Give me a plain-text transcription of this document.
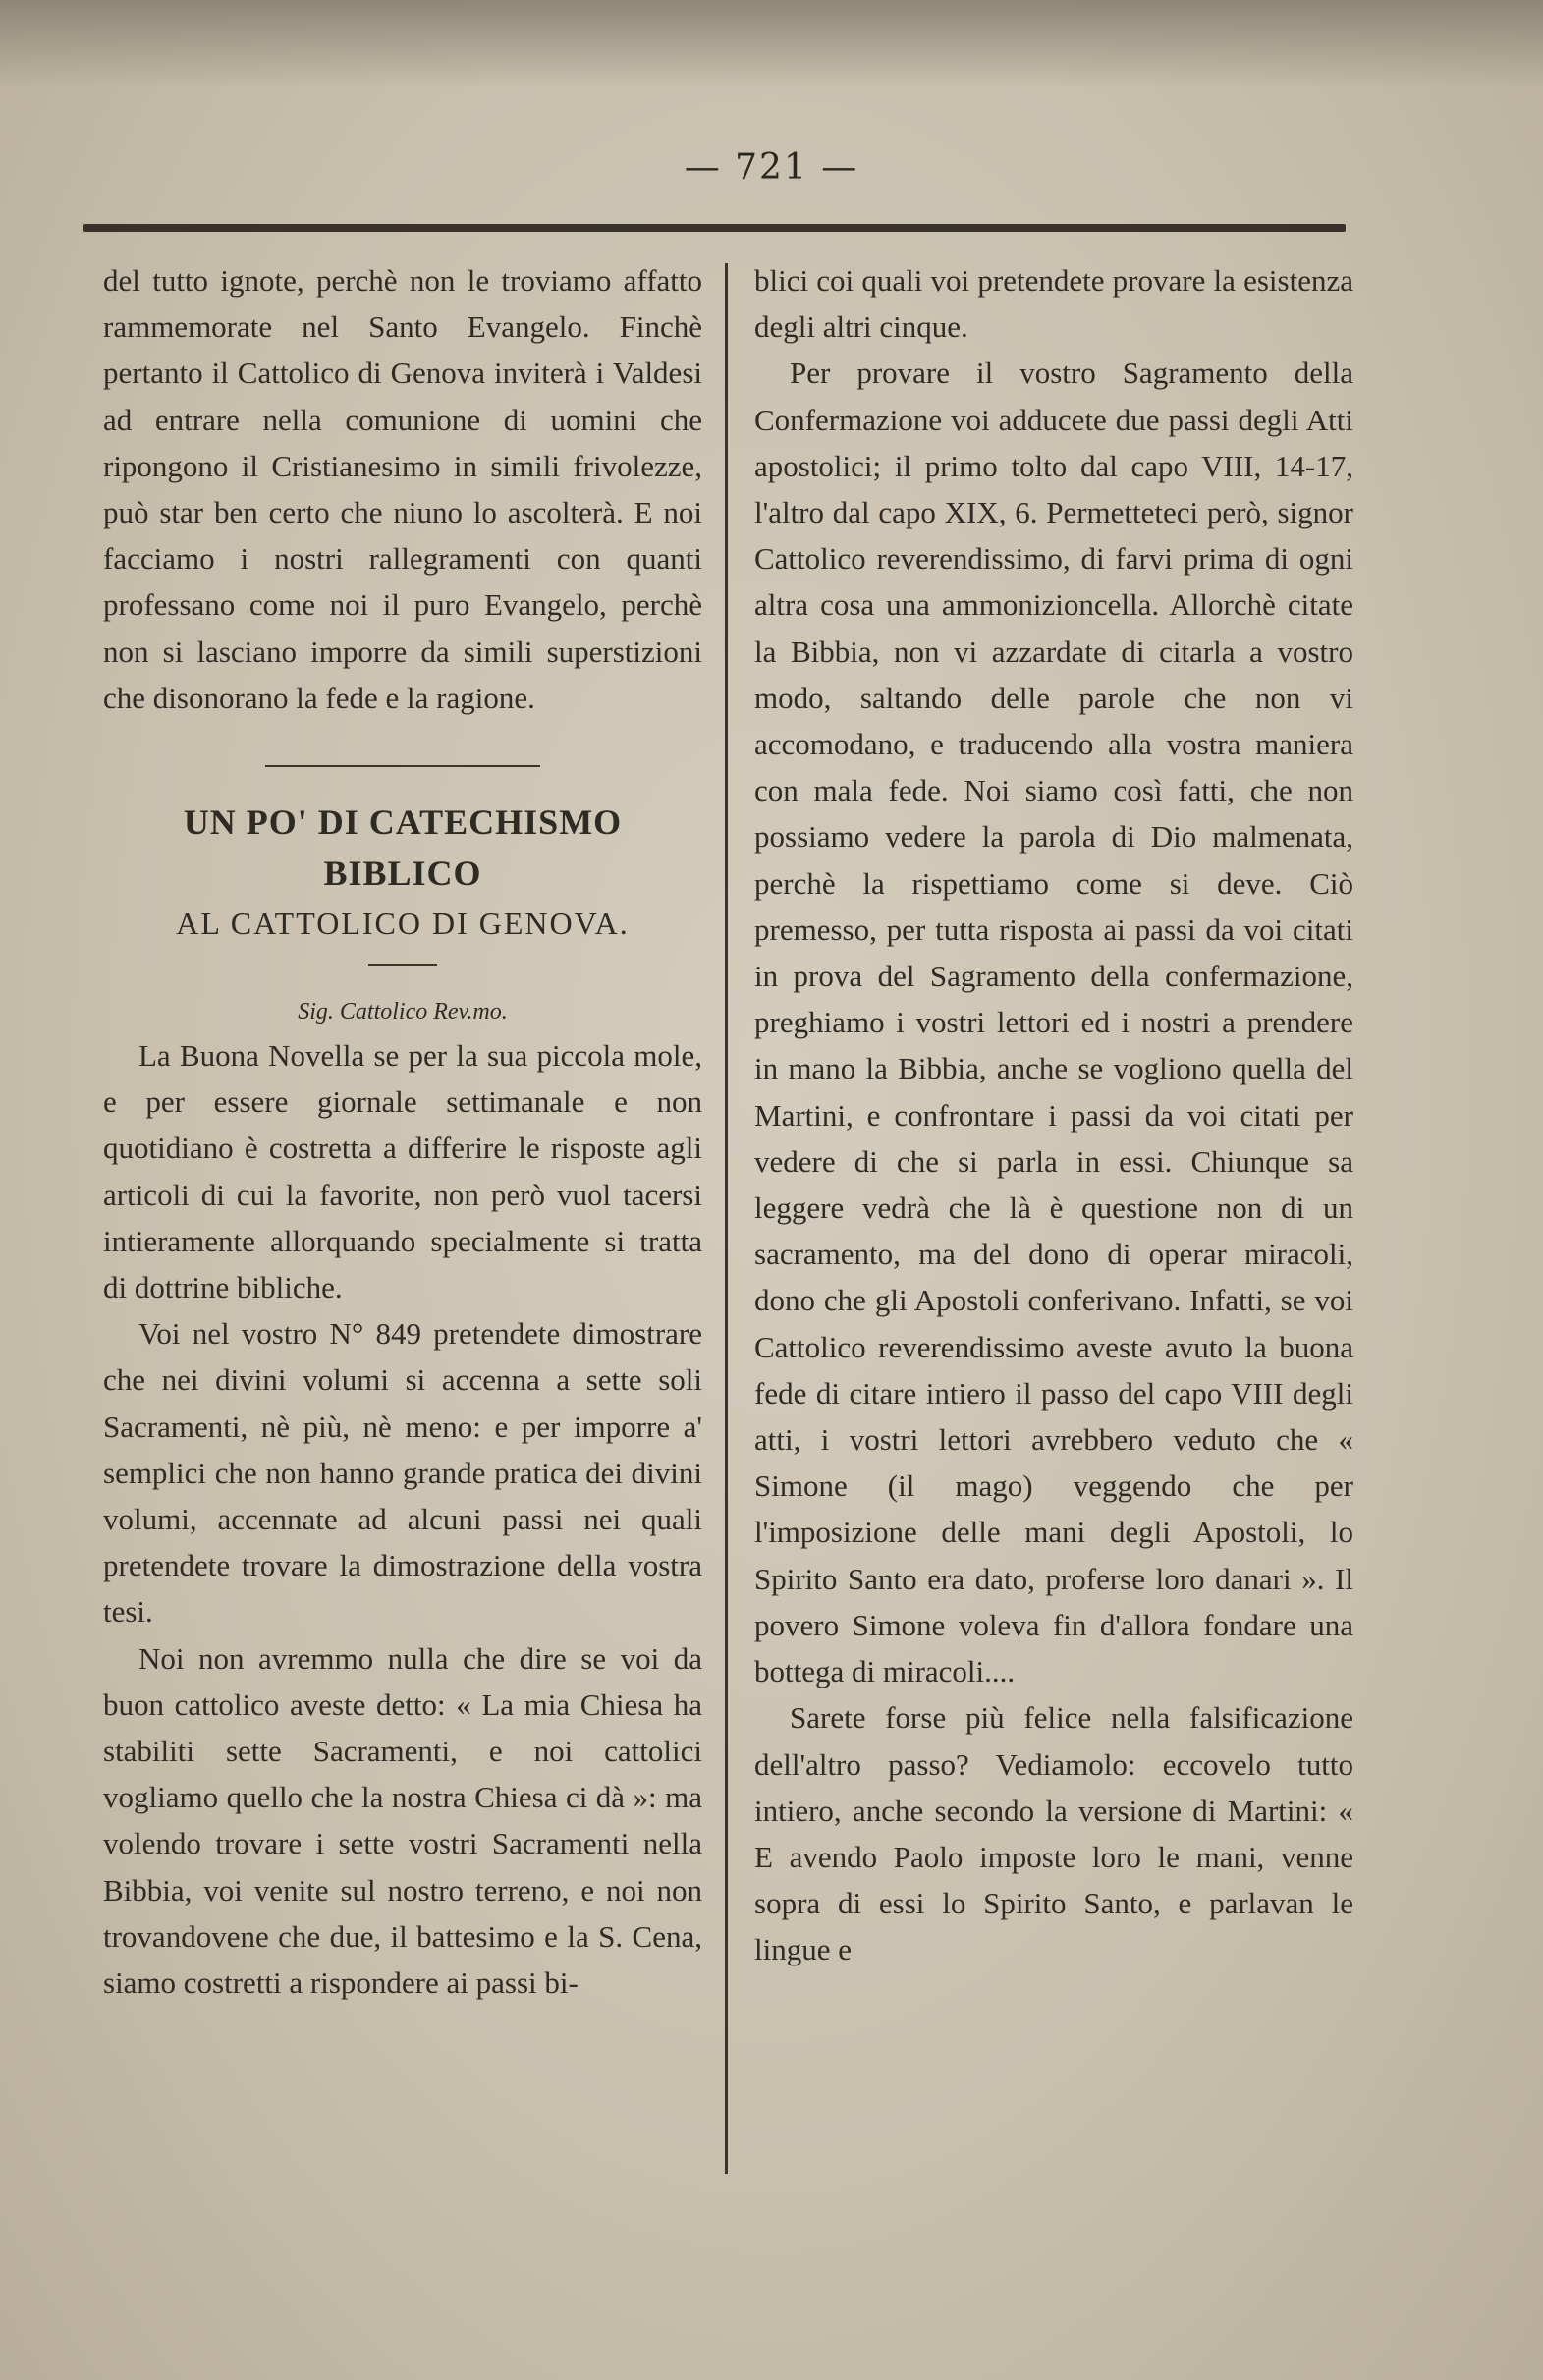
— 721 —

del tutto ignote, perchè non le troviamo affatto rammemorate nel Santo Evangelo. Finchè pertanto il Cattolico di Genova inviterà i Valdesi ad entrare nella comunione di uomini che ripongono il Cristianesimo in simili frivolezze, può star ben certo che niuno lo ascolterà. E noi facciamo i nostri rallegramenti con quanti professano come noi il puro Evangelo, perchè non si lasciano imporre da simili superstizioni che disonorano la fede e la ragione.

UN PO' DI CATECHISMO BIBLICO

AL CATTOLICO DI GENOVA.

Sig. Cattolico Rev.mo.

La Buona Novella se per la sua piccola mole, e per essere giornale settimanale e non quotidiano è costretta a differire le risposte agli articoli di cui la favorite, non però vuol tacersi intieramente allorquando specialmente si tratta di dottrine bibliche.

Voi nel vostro N° 849 pretendete dimostrare che nei divini volumi si accenna a sette soli Sacramenti, nè più, nè meno: e per imporre a' semplici che non hanno grande pratica dei divini volumi, accennate ad alcuni passi nei quali pretendete trovare la dimostrazione della vostra tesi.

Noi non avremmo nulla che dire se voi da buon cattolico aveste detto: « La mia Chiesa ha stabiliti sette Sacramenti, e noi cattolici vogliamo quello che la nostra Chiesa ci dà »: ma volendo trovare i sette vostri Sacramenti nella Bibbia, voi venite sul nostro terreno, e noi non trovandovene che due, il battesimo e la S. Cena, siamo costretti a rispondere ai passi bi-

blici coi quali voi pretendete provare la esistenza degli altri cinque.

Per provare il vostro Sagramento della Confermazione voi adducete due passi degli Atti apostolici; il primo tolto dal capo VIII, 14-17, l'altro dal capo XIX, 6. Permetteteci però, signor Cattolico reverendissimo, di farvi prima di ogni altra cosa una ammonizioncella. Allorchè citate la Bibbia, non vi azzardate di citarla a vostro modo, saltando delle parole che non vi accomodano, e traducendo alla vostra maniera con mala fede. Noi siamo così fatti, che non possiamo vedere la parola di Dio malmenata, perchè la rispettiamo come si deve. Ciò premesso, per tutta risposta ai passi da voi citati in prova del Sagramento della confermazione, preghiamo i vostri lettori ed i nostri a prendere in mano la Bibbia, anche se vogliono quella del Martini, e confrontare i passi da voi citati per vedere di che si parla in essi. Chiunque sa leggere vedrà che là è questione non di un sacramento, ma del dono di operar miracoli, dono che gli Apostoli conferivano. Infatti, se voi Cattolico reverendissimo aveste avuto la buona fede di citare intiero il passo del capo VIII degli atti, i vostri lettori avrebbero veduto che « Simone (il mago) veggendo che per l'imposizione delle mani degli Apostoli, lo Spirito Santo era dato, proferse loro danari ». Il povero Simone voleva fin d'allora fondare una bottega di miracoli....

Sarete forse più felice nella falsificazione dell'altro passo? Vediamolo: eccovelo tutto intiero, anche secondo la versione di Martini: « E avendo Paolo imposte loro le mani, venne sopra di essi lo Spirito Santo, e parlavan le lingue e
